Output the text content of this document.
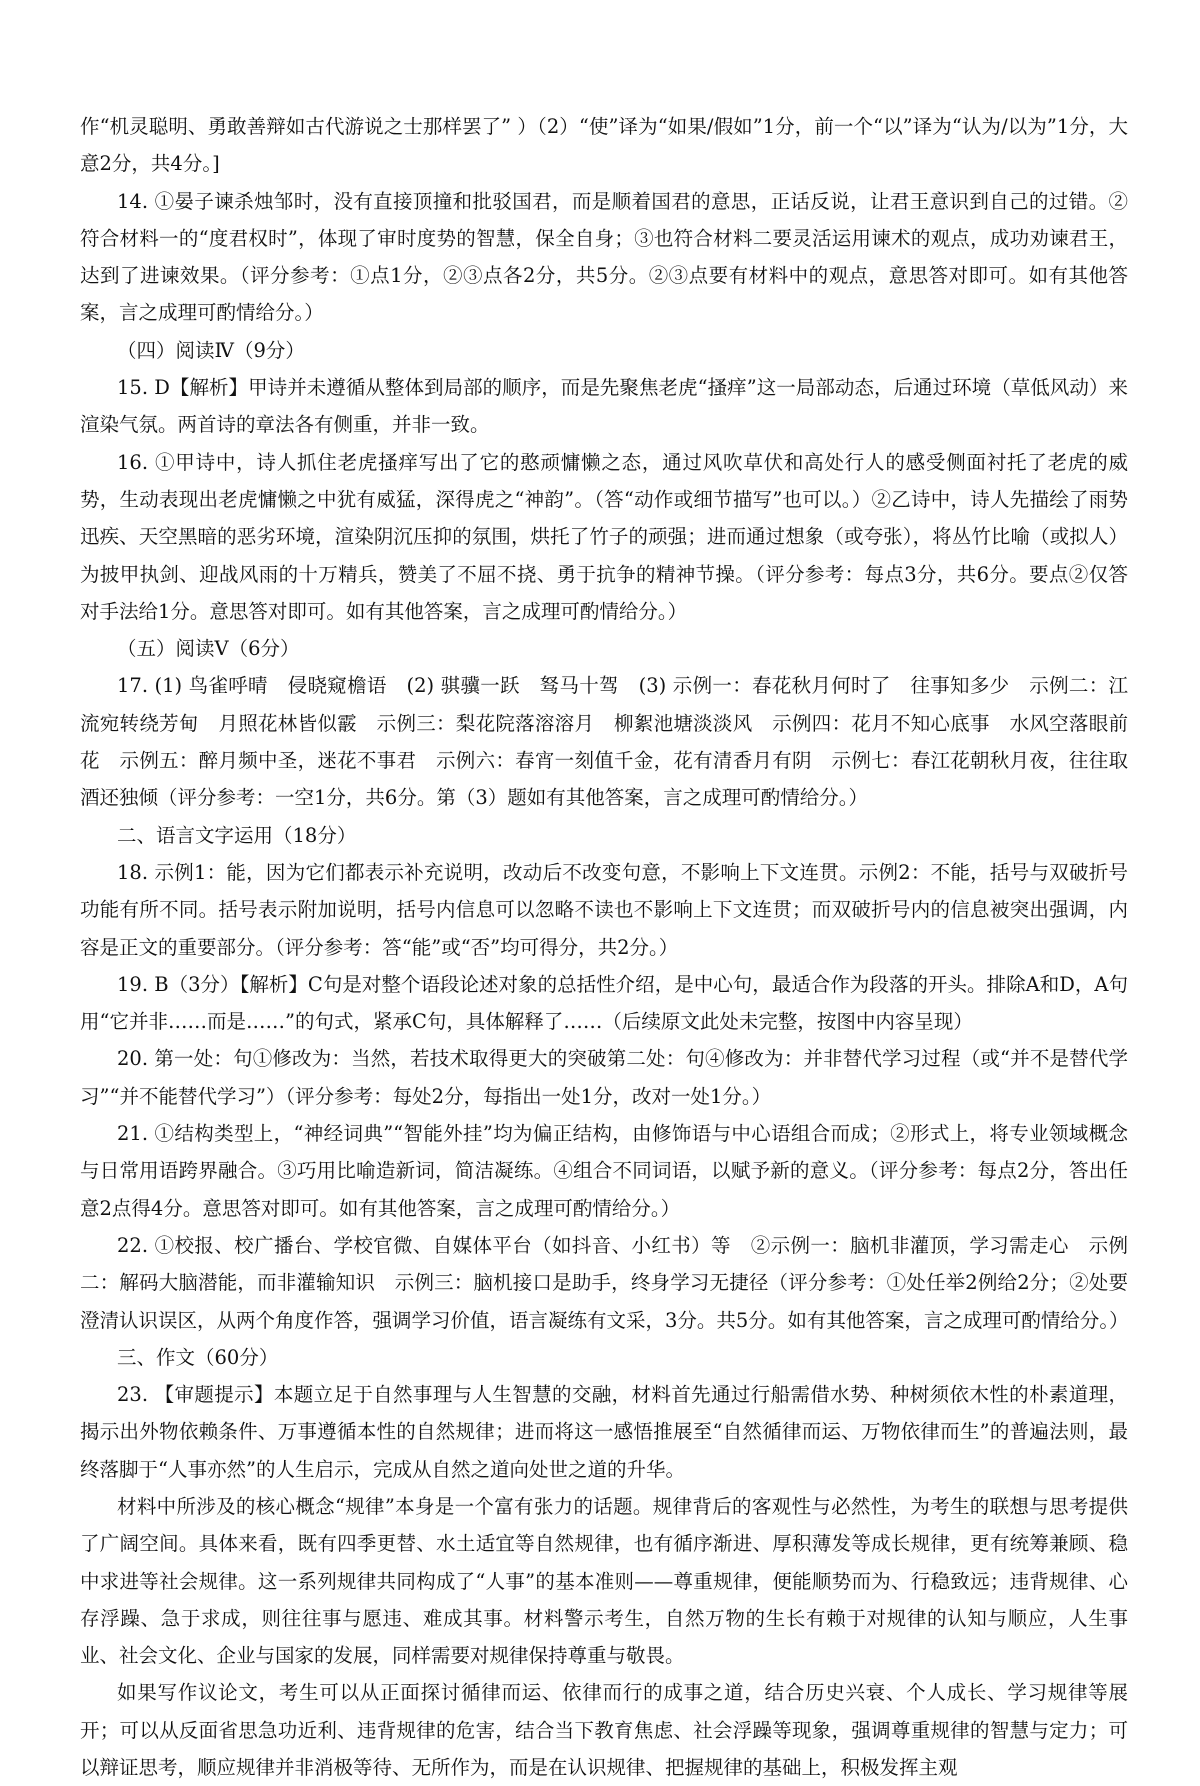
作“机灵聪明、勇敢善辩如古代游说之士那样罢了” ）（2）“使”译为“如果/假如”1分，前一个“以”译为“认为/以为”1分，大意2分，共4分。]

14. ①晏子谏杀烛邹时，没有直接顶撞和批驳国君，而是顺着国君的意思，正话反说，让君王意识到自己的过错。②符合材料一的“度君权时”，体现了审时度势的智慧，保全自身；③也符合材料二要灵活运用谏术的观点，成功劝谏君王，达到了进谏效果。（评分参考：①点1分，②③点各2分，共5分。②③点要有材料中的观点，意思答对即可。如有其他答案，言之成理可酌情给分。）

（四）阅读Ⅳ（9分）

15. D【解析】甲诗并未遵循从整体到局部的顺序，而是先聚焦老虎“搔痒”这一局部动态，后通过环境（草低风动）来渲染气氛。两首诗的章法各有侧重，并非一致。

16. ①甲诗中，诗人抓住老虎搔痒写出了它的憨顽慵懒之态，通过风吹草伏和高处行人的感受侧面衬托了老虎的威势，生动表现出老虎慵懒之中犹有威猛，深得虎之“神韵”。（答“动作或细节描写”也可以。）②乙诗中，诗人先描绘了雨势迅疾、天空黑暗的恶劣环境，渲染阴沉压抑的氛围，烘托了竹子的顽强；进而通过想象（或夸张），将丛竹比喻（或拟人）为披甲执剑、迎战风雨的十万精兵，赞美了不屈不挠、勇于抗争的精神节操。（评分参考：每点3分，共6分。要点②仅答对手法给1分。意思答对即可。如有其他答案，言之成理可酌情给分。）

（五）阅读Ⅴ（6分）

17. (1) 鸟雀呼晴　侵晓窥檐语　(2) 骐骥一跃　驽马十驾　(3) 示例一：春花秋月何时了　往事知多少　示例二：江流宛转绕芳甸　月照花林皆似霰　示例三：梨花院落溶溶月　柳絮池塘淡淡风　示例四：花月不知心底事　水风空落眼前花　示例五：醉月频中圣，迷花不事君　示例六：春宵一刻值千金，花有清香月有阴　示例七：春江花朝秋月夜，往往取酒还独倾（评分参考：一空1分，共6分。第（3）题如有其他答案，言之成理可酌情给分。）

二、语言文字运用（18分）

18. 示例1：能，因为它们都表示补充说明，改动后不改变句意，不影响上下文连贯。示例2：不能，括号与双破折号功能有所不同。括号表示附加说明，括号内信息可以忽略不读也不影响上下文连贯；而双破折号内的信息被突出强调，内容是正文的重要部分。（评分参考：答“能”或“否”均可得分，共2分。）

19. B（3分）【解析】C句是对整个语段论述对象的总括性介绍，是中心句，最适合作为段落的开头。排除A和D，A句用“它并非……而是……”的句式，紧承C句，具体解释了……（后续原文此处未完整，按图中内容呈现）

20. 第一处：句①修改为：当然，若技术取得更大的突破第二处：句④修改为：并非替代学习过程（或“并不是替代学习”“并不能替代学习”）（评分参考：每处2分，每指出一处1分，改对一处1分。）

21. ①结构类型上，“神经词典”“智能外挂”均为偏正结构，由修饰语与中心语组合而成；②形式上，将专业领域概念与日常用语跨界融合。③巧用比喻造新词，简洁凝练。④组合不同词语，以赋予新的意义。（评分参考：每点2分，答出任意2点得4分。意思答对即可。如有其他答案，言之成理可酌情给分。）

22. ①校报、校广播台、学校官微、自媒体平台（如抖音、小红书）等　②示例一：脑机非灌顶，学习需走心　示例二：解码大脑潜能，而非灌输知识　示例三：脑机接口是助手，终身学习无捷径（评分参考：①处任举2例给2分；②处要澄清认识误区，从两个角度作答，强调学习价值，语言凝练有文采，3分。共5分。如有其他答案，言之成理可酌情给分。）

三、作文（60分）

23. 【审题提示】本题立足于自然事理与人生智慧的交融，材料首先通过行船需借水势、种树须依木性的朴素道理，揭示出外物依赖条件、万事遵循本性的自然规律；进而将这一感悟推展至“自然循律而运、万物依律而生”的普遍法则，最终落脚于“人事亦然”的人生启示，完成从自然之道向处世之道的升华。

材料中所涉及的核心概念“规律”本身是一个富有张力的话题。规律背后的客观性与必然性，为考生的联想与思考提供了广阔空间。具体来看，既有四季更替、水土适宜等自然规律，也有循序渐进、厚积薄发等成长规律，更有统筹兼顾、稳中求进等社会规律。这一系列规律共同构成了“人事”的基本准则——尊重规律，便能顺势而为、行稳致远；违背规律、心存浮躁、急于求成，则往往事与愿违、难成其事。材料警示考生，自然万物的生长有赖于对规律的认知与顺应，人生事业、社会文化、企业与国家的发展，同样需要对规律保持尊重与敬畏。

如果写作议论文，考生可以从正面探讨循律而运、依律而行的成事之道，结合历史兴衰、个人成长、学习规律等展开；可以从反面省思急功近利、违背规律的危害，结合当下教育焦虑、社会浮躁等现象，强调尊重规律的智慧与定力；可以辩证思考，顺应规律并非消极等待、无所作为，而是在认识规律、把握规律的基础上，积极发挥主观
